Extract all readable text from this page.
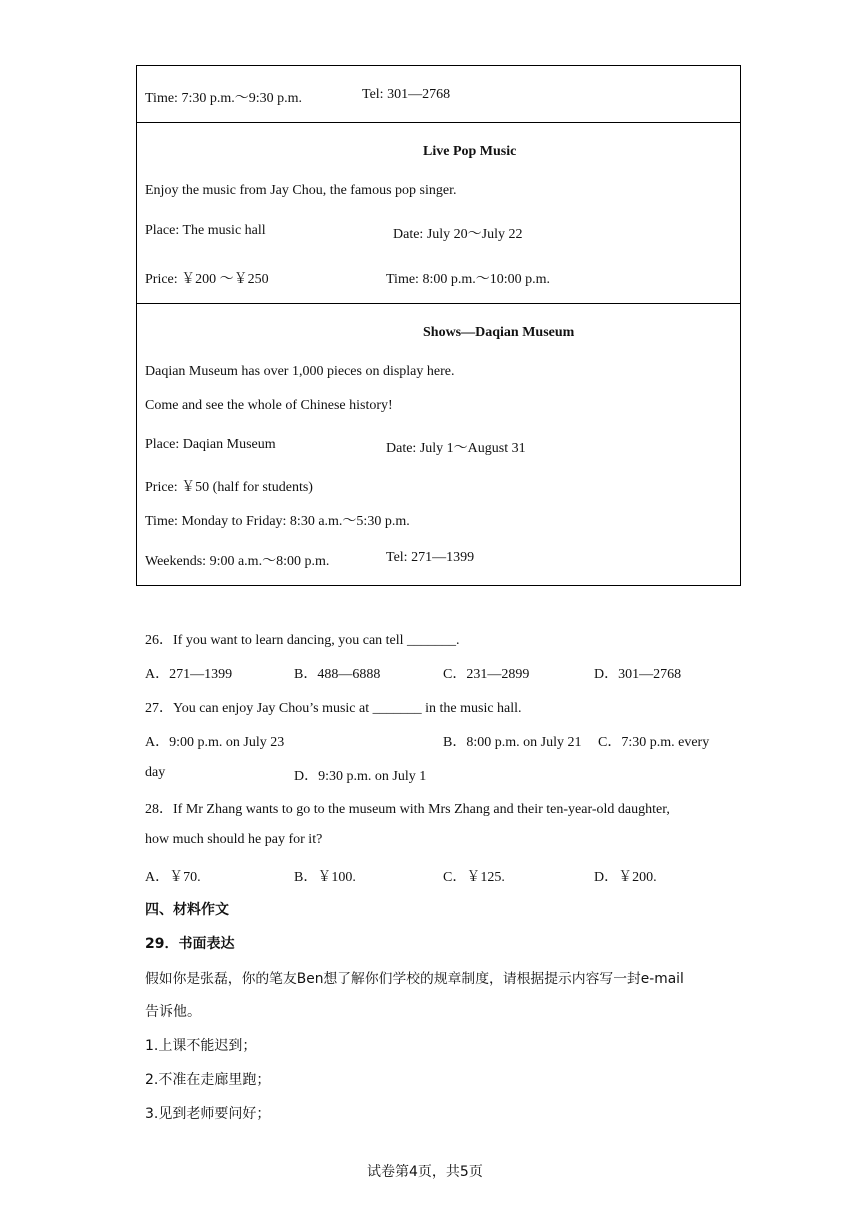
Time: 7:30 p.m.～9:30 p.m.	Tel: 301—2768
Live Pop Music
Enjoy the music from Jay Chou, the famous pop singer.
Place: The music hall	Date: July 20～July 22
Price: ￥200 ～￥250	Time: 8:00 p.m.～10:00 p.m.
Shows—Daqian Museum
Daqian Museum has over 1,000 pieces on display here.
Come and see the whole of Chinese history!
Place: Daqian Museum	Date: July 1～August 31
Price: ￥50 (half for students)
Time: Monday to Friday: 8:30 a.m.～5:30 p.m.
Weekends: 9:00 a.m.～8:00 p.m.	Tel: 271—1399
26．If you want to learn dancing, you can tell _______.
A．271—1399	B．488—6888	C．231—2899	D．301—2768
27．You can enjoy Jay Chou’s music at _______ in the music hall.
A．9:00 p.m. on July 23	B．8:00 p.m. on July 21 C．7:30 p.m. every
day	D．9:30 p.m. on July 1
28．If Mr Zhang wants to go to the museum with Mrs Zhang and their ten-year-old daughter,
how much should he pay for it?
A．￥70.	B．￥100.	C．￥125.	D．￥200.
四、材料作文
29．书面表达
假如你是张磊，你的笔友Ben想了解你们学校的规章制度，请根据提示内容写一封e-mail
告诉他。
1.上课不能迟到；
2.不准在走廊里跑；
3.见到老师要问好；
试卷第4页，共5页
